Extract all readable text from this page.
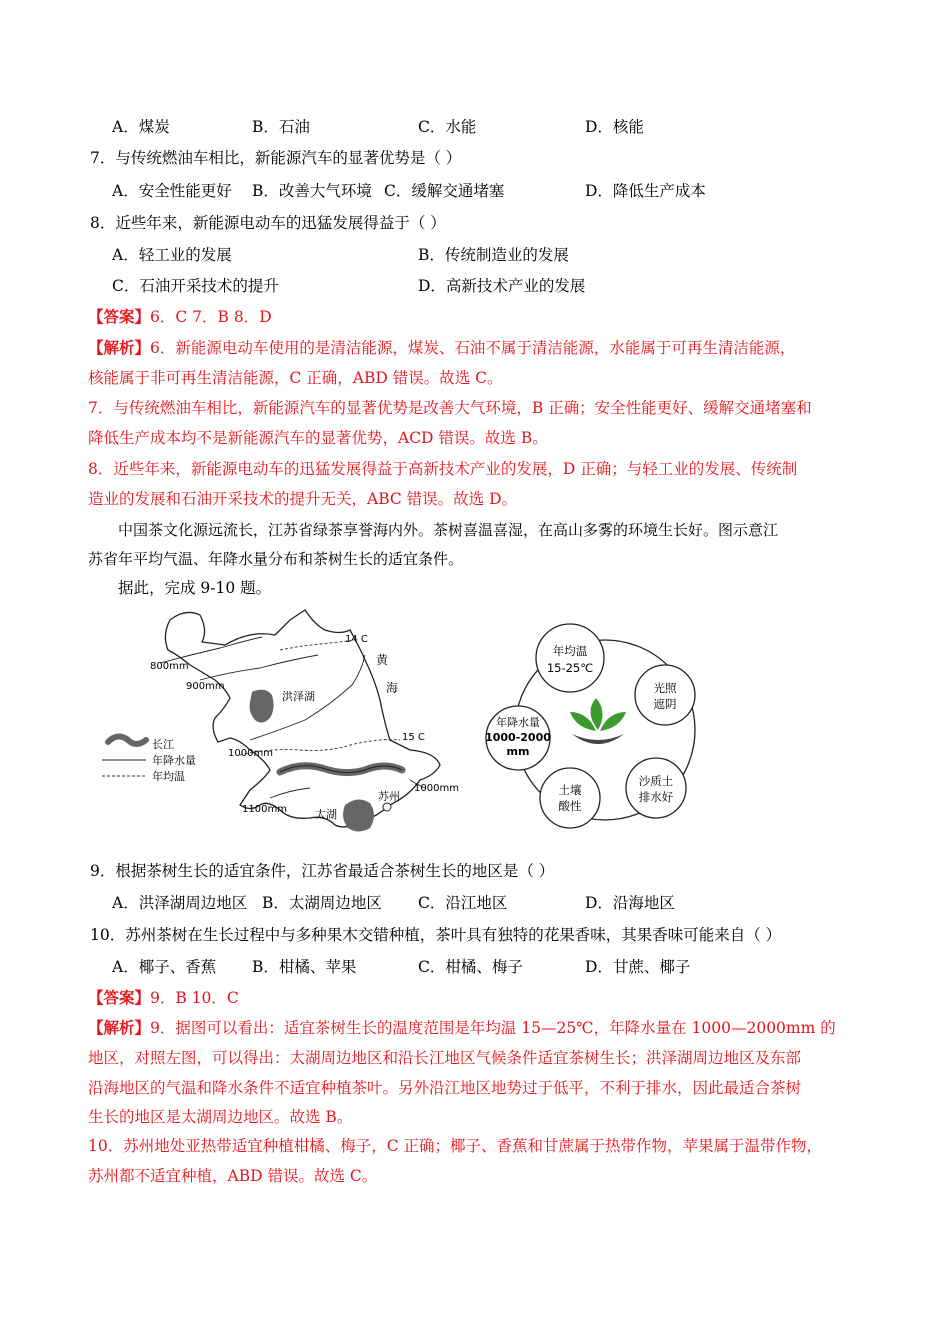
A．煤炭	B．石油	C．水能	D．核能
7．与传统燃油车相比，新能源汽车的显著优势是（ ）
A．安全性能更好 B．改善大气环境 C．缓解交通堵塞	D．降低生产成本
8．近些年来，新能源电动车的迅猛发展得益于（ ）
A．轻工业的发展	B．传统制造业的发展
C．石油开采技术的提升	D．高新技术产业的发展
【答案】6．C 7．B 8．D
【解析】6．新能源电动车使用的是清洁能源，煤炭、石油不属于清洁能源，水能属于可再生清洁能源，
核能属于非可再生清洁能源，C 正确，ABD 错误。故选 C。
7．与传统燃油车相比，新能源汽车的显著优势是改善大气环境，B 正确；安全性能更好、缓解交通堵塞和
降低生产成本均不是新能源汽车的显著优势，ACD 错误。故选 B。
8．近些年来，新能源电动车的迅猛发展得益于高新技术产业的发展，D 正确；与轻工业的发展、传统制
造业的发展和石油开采技术的提升无关，ABC 错误。故选 D。
中国茶文化源远流长，江苏省绿茶享誉海内外。茶树喜温喜湿，在高山多雾的环境生长好。图示意江
苏省年平均气温、年降水量分布和茶树生长的适宜条件。
据此，完成 9-10 题。
800mm
900mm
1000mm
1000mm
1100mm
14 C
15 C
黄
海
洪泽湖
太湖
苏州
长江
年降水量
年均温
年均温
15-25℃
光照
遮阴
年降水量
1000-2000
mm
土壤
酸性
沙质土
排水好
9．根据茶树生长的适宜条件，江苏省最适合茶树生长的地区是（ ）
A．洪泽湖周边地区 B．太湖周边地区 C．沿江地区	D．沿海地区
10．苏州茶树在生长过程中与多种果木交错种植，茶叶具有独特的花果香味，其果香味可能来自（ ）
A．椰子、香蕉 B．柑橘、苹果	C．柑橘、梅子	D．甘蔗、椰子
【答案】9．B 10．C
【解析】9．据图可以看出：适宜茶树生长的温度范围是年均温 15—25℃，年降水量在 1000—2000mm 的
地区，对照左图，可以得出：太湖周边地区和沿长江地区气候条件适宜茶树生长；洪泽湖周边地区及东部
沿海地区的气温和降水条件不适宜种植茶叶。另外沿江地区地势过于低平，不利于排水，因此最适合茶树
生长的地区是太湖周边地区。故选 B。
10．苏州地处亚热带适宜种植柑橘、梅子，C 正确；椰子、香蕉和甘蔗属于热带作物，苹果属于温带作物，
苏州都不适宜种植，ABD 错误。故选 C。
